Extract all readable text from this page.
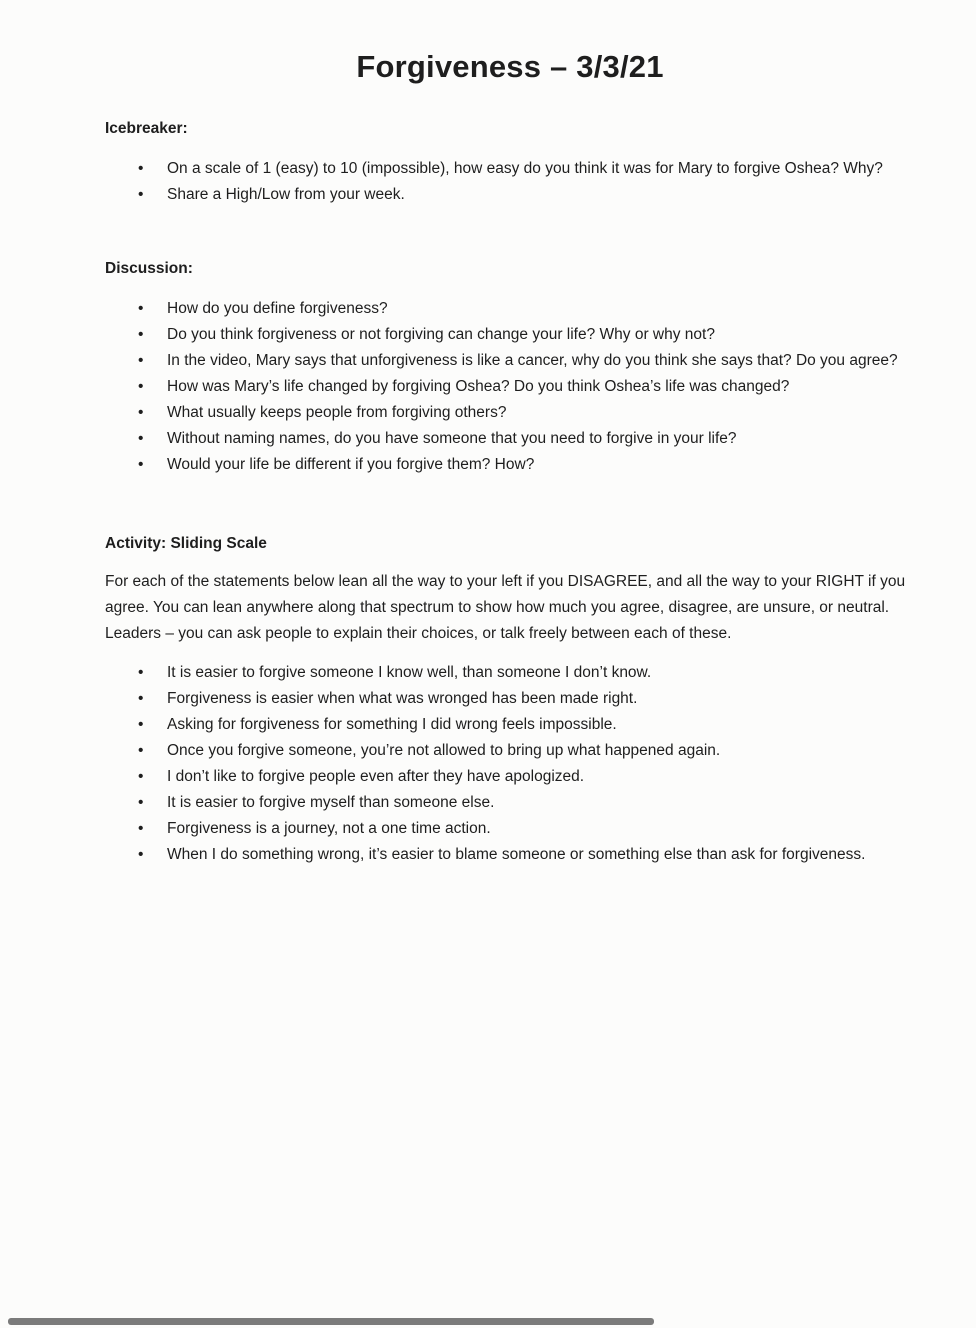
Forgiveness – 3/3/21
Icebreaker:
• On a scale of 1 (easy) to 10 (impossible), how easy do you think it was for Mary to forgive Oshea? Why?
• Share a High/Low from your week.
Discussion:
• How do you define forgiveness?
• Do you think forgiveness or not forgiving can change your life? Why or why not?
• In the video, Mary says that unforgiveness is like a cancer, why do you think she says that? Do you agree?
• How was Mary’s life changed by forgiving Oshea? Do you think Oshea’s life was changed?
• What usually keeps people from forgiving others?
• Without naming names, do you have someone that you need to forgive in your life?
• Would your life be different if you forgive them? How?
Activity: Sliding Scale

For each of the statements below lean all the way to your left if you DISAGREE, and all the way to your RIGHT if you agree. You can lean anywhere along that spectrum to show how much you agree, disagree, are unsure, or neutral. Leaders – you can ask people to explain their choices, or talk freely between each of these.

• It is easier to forgive someone I know well, than someone I don’t know.
• Forgiveness is easier when what was wronged has been made right.
• Asking for forgiveness for something I did wrong feels impossible.
• Once you forgive someone, you’re not allowed to bring up what happened again.
• I don’t like to forgive people even after they have apologized.
• It is easier to forgive myself than someone else.
• Forgiveness is a journey, not a one time action.
• When I do something wrong, it’s easier to blame someone or something else than ask for forgiveness.
